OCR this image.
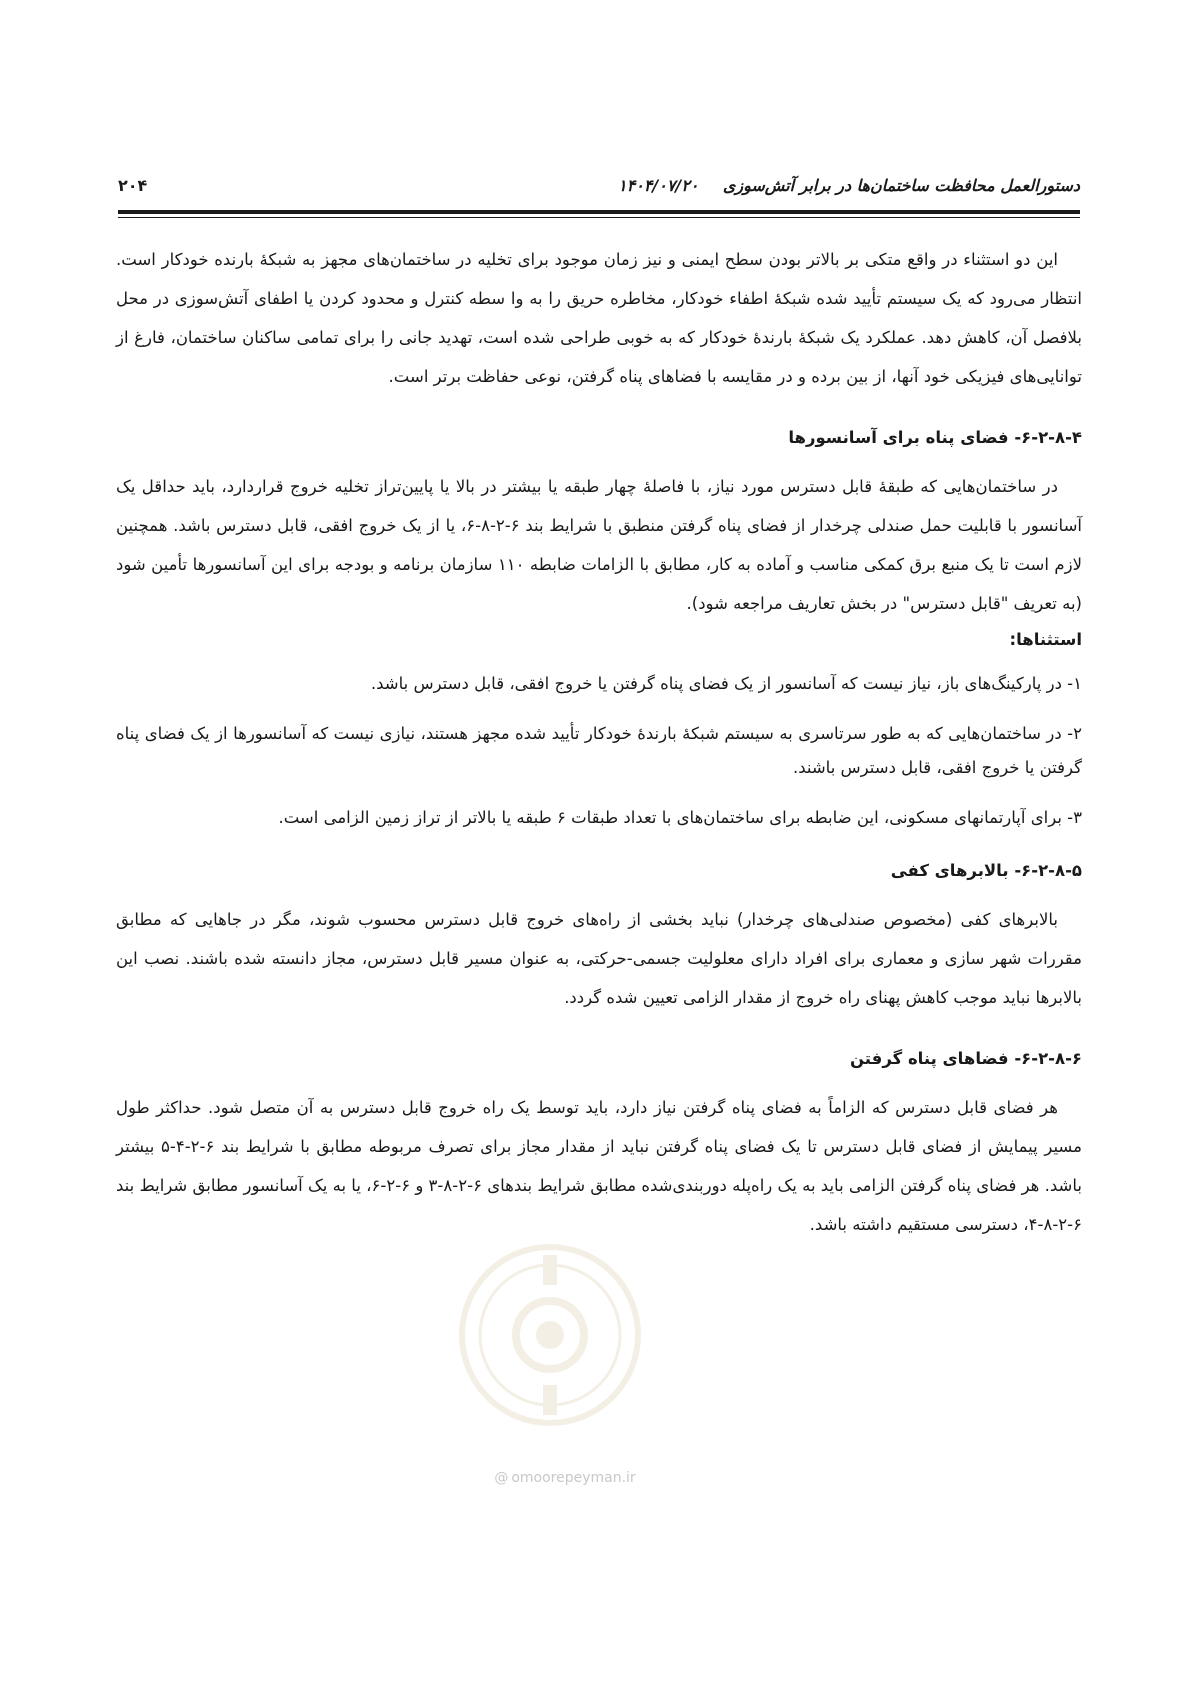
۲۰۴	۱۴۰۴/۰۷/۲۰ دستورالعمل محافظت ساختمان‌ها در برابر آتش‌سوزی

این دو استثناء در واقع متکی بر بالاتر بودن سطح ایمنی و نیز زمان موجود برای تخلیه در ساختمان‌های مجهز به شبکهٔ بارنده خودکار است. انتظار می‌رود که یک سیستم تأیید شده شبکهٔ اطفاء خودکار، مخاطره حریق را به وا سطه کنترل و محدود کردن یا اطفای آتش‌سوزی در محل بلافصل آن، کاهش دهد. عملکرد یک شبکهٔ بارندهٔ خودکار که به خوبی طراحی شده است، تهدید جانی را برای تمامی ساکنان ساختمان، فارغ از توانایی‌های فیزیکی خود آنها، از بین برده و در مقایسه با فضاهای پناه گرفتن، نوعی حفاظت برتر است.

۶-۲-۸-۴- فضای پناه برای آسانسورها

در ساختمان‌هایی که طبقهٔ قابل دسترس مورد نیاز، با فاصلهٔ چهار طبقه یا بیشتر در بالا یا پایین‌تراز تخلیه خروج قراردارد، باید حداقل یک آسانسور با قابلیت حمل صندلی چرخدار از فضای پناه گرفتن منطبق با شرایط بند ۶-۲-۸-۶، یا از یک خروج افقی، قابل دسترس باشد. همچنین لازم است تا یک منبع برق کمکی مناسب و آماده به کار، مطابق با الزامات ضابطه ۱۱۰ سازمان برنامه و بودجه برای این آسانسورها تأمین شود (به تعریف "قابل دسترس" در بخش تعاریف مراجعه شود).

استثناها:

۱- در پارکینگ‌های باز، نیاز نیست که آسانسور از یک فضای پناه گرفتن یا خروج افقی، قابل دسترس باشد.

۲- در ساختمان‌هایی که به طور سرتاسری به سیستم شبکهٔ بارندهٔ خودکار تأیید شده مجهز هستند، نیازی نیست که آسانسورها از یک فضای پناه گرفتن یا خروج افقی، قابل دسترس باشند.

۳- برای آپارتمانهای مسکونی، این ضابطه برای ساختمان‌های با تعداد طبقات ۶ طبقه یا بالاتر از تراز زمین الزامی است.

۶-۲-۸-۵- بالابرهای کفی

بالابرهای کفی (مخصوص صندلی‌های چرخدار) نباید بخشی از راه‌های خروج قابل دسترس محسوب شوند، مگر در جاهایی که مطابق مقررات شهر سازی و معماری برای افراد دارای معلولیت جسمی-حرکتی، به عنوان مسیر قابل دسترس، مجاز دانسته شده باشند. نصب این بالابرها نباید موجب کاهش پهنای راه خروج از مقدار الزامی تعیین شده گردد.

۶-۲-۸-۶- فضاهای پناه گرفتن

هر فضای قابل دسترس که الزاماً به فضای پناه گرفتن نیاز دارد، باید توسط یک راه خروج قابل دسترس به آن متصل شود. حداکثر طول مسیر پیمایش از فضای قابل دسترس تا یک فضای پناه گرفتن نباید از مقدار مجاز برای تصرف مربوطه مطابق با شرایط بند ۶-۲-۴-۵ بیشتر باشد. هر فضای پناه گرفتن الزامی باید به یک راه‌پله دوربندی‌شده مطابق شرایط بندهای ۶-۲-۸-۳ و ۶-۲-۶، یا به یک آسانسور مطابق شرایط بند ۶-۲-۸-۴، دسترسی مستقیم داشته باشد.

@ omoorepeyman.ir
